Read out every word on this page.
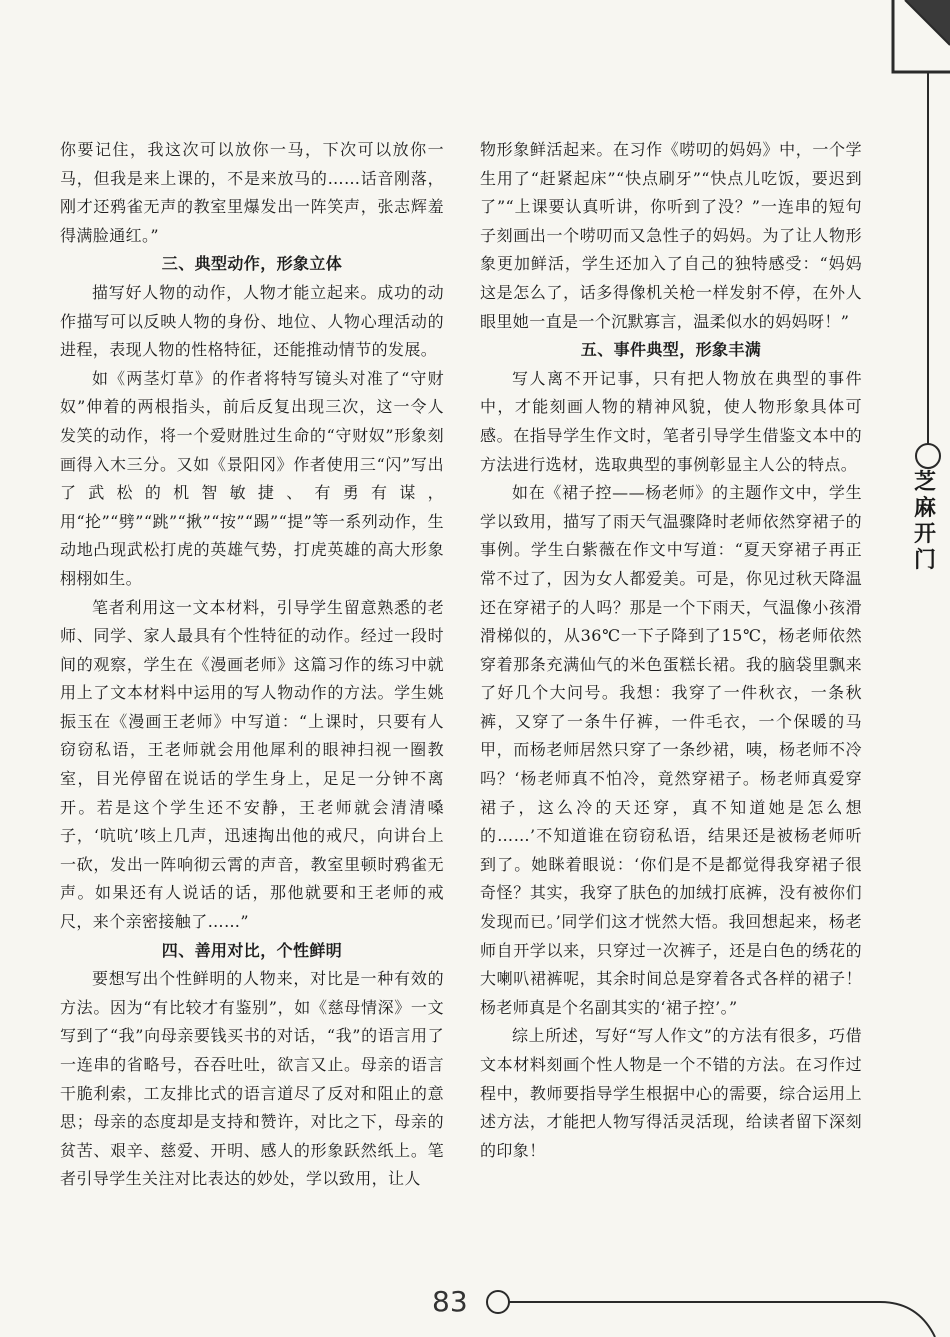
芝麻开门

你要记住，我这次可以放你一马，下次可以放你一马，但我是来上课的，不是来放马的……话音刚落，刚才还鸦雀无声的教室里爆发出一阵笑声，张志辉羞得满脸通红。”

三、典型动作，形象立体

描写好人物的动作，人物才能立起来。成功的动作描写可以反映人物的身份、地位、人物心理活动的进程，表现人物的性格特征，还能推动情节的发展。

如《两茎灯草》的作者将特写镜头对准了“守财奴”伸着的两根指头，前后反复出现三次，这一令人发笑的动作，将一个爱财胜过生命的“守财奴”形象刻画得入木三分。又如《景阳冈》作者使用三“闪”写出了武松的机智敏捷、有勇有谋，用“抡”“劈”“跳”“揪”“按”“踢”“提”等一系列动作，生动地凸现武松打虎的英雄气势，打虎英雄的高大形象栩栩如生。

笔者利用这一文本材料，引导学生留意熟悉的老师、同学、家人最具有个性特征的动作。经过一段时间的观察，学生在《漫画老师》这篇习作的练习中就用上了文本材料中运用的写人物动作的方法。学生姚振玉在《漫画王老师》中写道：“上课时，只要有人窃窃私语，王老师就会用他犀利的眼神扫视一圈教室，目光停留在说话的学生身上，足足一分钟不离开。若是这个学生还不安静，王老师就会清清嗓子，‘吭吭’咳上几声，迅速掏出他的戒尺，向讲台上一砍，发出一阵响彻云霄的声音，教室里顿时鸦雀无声。如果还有人说话的话，那他就要和王老师的戒尺，来个亲密接触了……”

四、善用对比，个性鲜明

要想写出个性鲜明的人物来，对比是一种有效的方法。因为“有比较才有鉴别”，如《慈母情深》一文写到了“我”向母亲要钱买书的对话，“我”的语言用了一连串的省略号，吞吞吐吐，欲言又止。母亲的语言干脆利索，工友排比式的语言道尽了反对和阻止的意思；母亲的态度却是支持和赞许，对比之下，母亲的贫苦、艰辛、慈爱、开明、感人的形象跃然纸上。笔者引导学生关注对比表达的妙处，学以致用，让人

物形象鲜活起来。在习作《唠叨的妈妈》中，一个学生用了“赶紧起床”“快点刷牙”“快点儿吃饭，要迟到了”“上课要认真听讲，你听到了没？”一连串的短句子刻画出一个唠叨而又急性子的妈妈。为了让人物形象更加鲜活，学生还加入了自己的独特感受：“妈妈这是怎么了，话多得像机关枪一样发射不停，在外人眼里她一直是一个沉默寡言，温柔似水的妈妈呀！”

五、事件典型，形象丰满

写人离不开记事，只有把人物放在典型的事件中，才能刻画人物的精神风貌，使人物形象具体可感。在指导学生作文时，笔者引导学生借鉴文本中的方法进行选材，选取典型的事例彰显主人公的特点。

如在《裙子控——杨老师》的主题作文中，学生学以致用，描写了雨天气温骤降时老师依然穿裙子的事例。学生白紫薇在作文中写道：“夏天穿裙子再正常不过了，因为女人都爱美。可是，你见过秋天降温还在穿裙子的人吗？那是一个下雨天，气温像小孩滑滑梯似的，从36℃一下子降到了15℃，杨老师依然穿着那条充满仙气的米色蛋糕长裙。我的脑袋里飘来了好几个大问号。我想：我穿了一件秋衣，一条秋裤，又穿了一条牛仔裤，一件毛衣，一个保暖的马甲，而杨老师居然只穿了一条纱裙，咦，杨老师不冷吗？‘杨老师真不怕冷，竟然穿裙子。杨老师真爱穿裙子，这么冷的天还穿，真不知道她是怎么想的……’不知道谁在窃窃私语，结果还是被杨老师听到了。她眯着眼说：‘你们是不是都觉得我穿裙子很奇怪？其实，我穿了肤色的加绒打底裤，没有被你们发现而已。’同学们这才恍然大悟。我回想起来，杨老师自开学以来，只穿过一次裤子，还是白色的绣花的大喇叭裙裤呢，其余时间总是穿着各式各样的裙子！杨老师真是个名副其实的‘裙子控’。”

综上所述，写好“写人作文”的方法有很多，巧借文本材料刻画个性人物是一个不错的方法。在习作过程中，教师要指导学生根据中心的需要，综合运用上述方法，才能把人物写得活灵活现，给读者留下深刻的印象！

83
